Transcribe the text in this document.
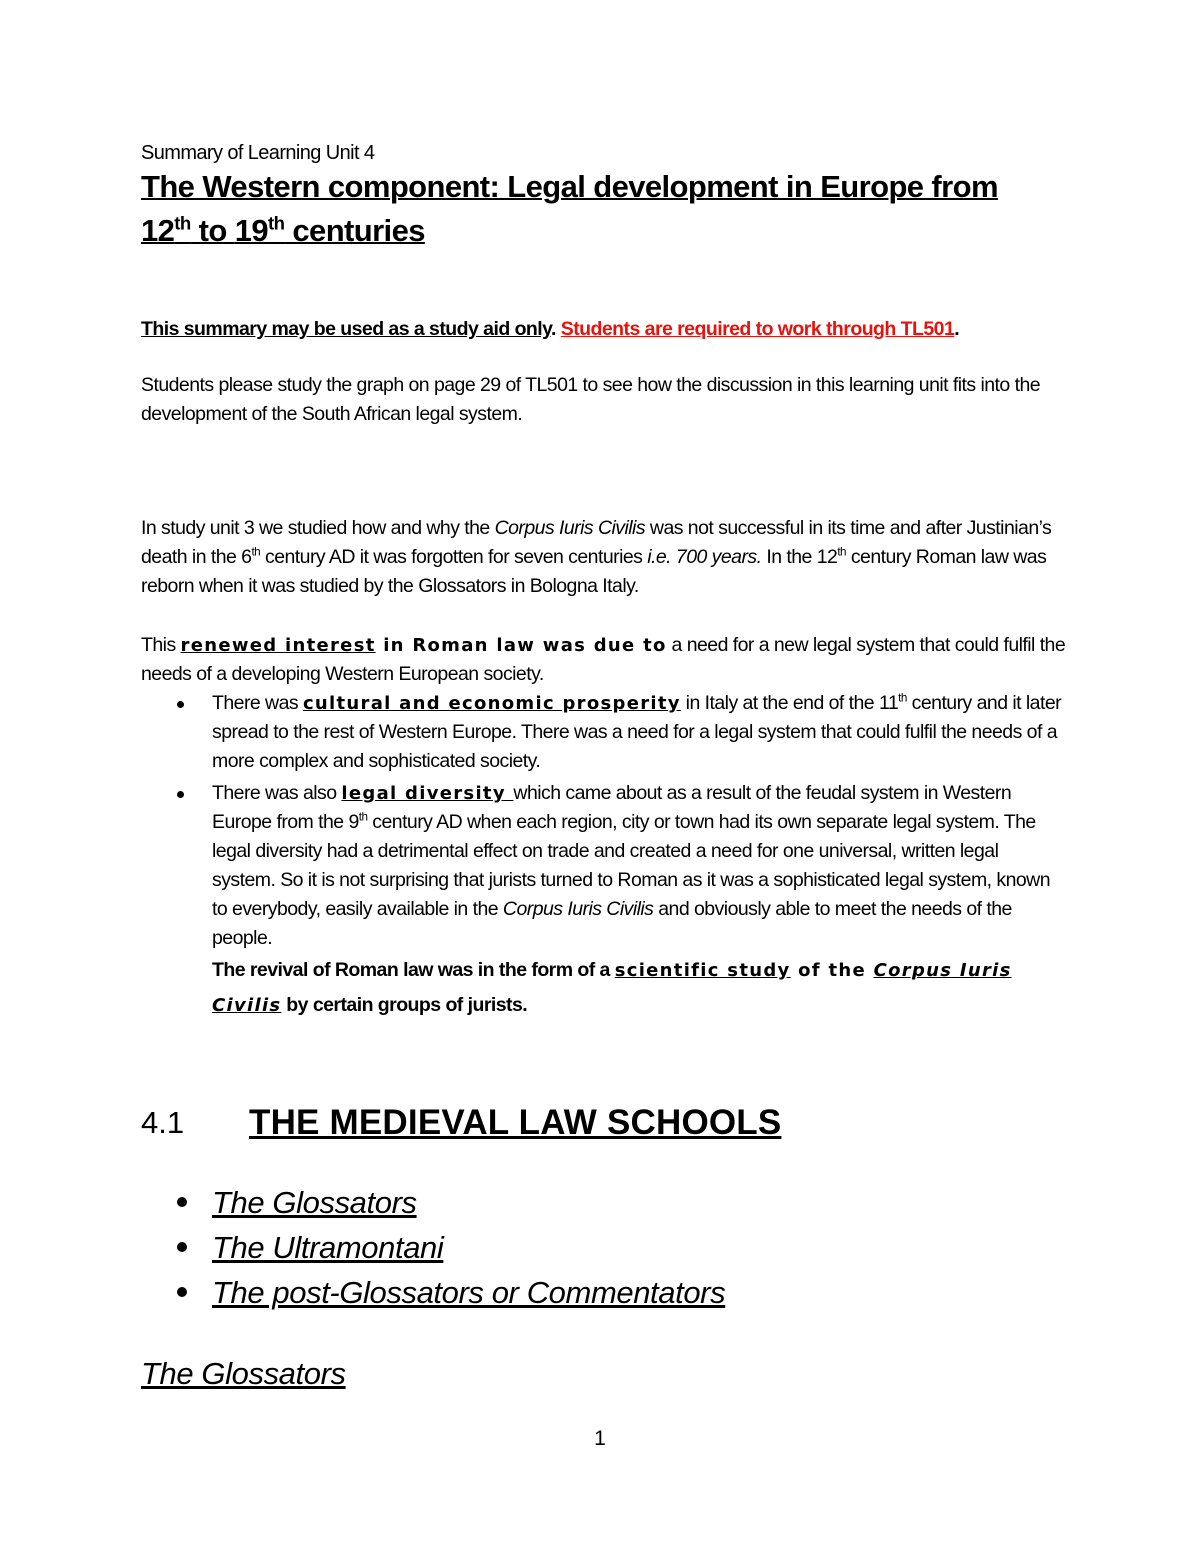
Summary of Learning Unit 4
The Western component: Legal development in Europe from
12th to 19th centuries

This summary may be used as a study aid only. Students are required to work through TL501.

Students please study the graph on page 29 of TL501 to see how the discussion in this learning unit fits into the development of the South African legal system.

In study unit 3 we studied how and why the Corpus Iuris Civilis was not successful in its time and after Justinian’s death in the 6th century AD it was forgotten for seven centuries i.e. 700 years. In the 12th century Roman law was reborn when it was studied by the Glossators in Bologna Italy.

This renewed interest in Roman law was due to a need for a new legal system that could fulfil the needs of a developing Western European society.

There was cultural and economic prosperity in Italy at the end of the 11th century and it later spread to the rest of Western Europe. There was a need for a legal system that could fulfil the needs of a more complex and sophisticated society.
There was also legal diversity which came about as a result of the feudal system in Western Europe from the 9th century AD when each region, city or town had its own separate legal system. The legal diversity had a detrimental effect on trade and created a need for one universal, written legal system. So it is not surprising that jurists turned to Roman as it was a sophisticated legal system, known to everybody, easily available in the Corpus Iuris Civilis and obviously able to meet the needs of the people.
The revival of Roman law was in the form of a scientific study of the Corpus Iuris Civilis by certain groups of jurists.
4.1	THE MEDIEVAL LAW SCHOOLS
The Glossators
The Ultramontani
The post-Glossators or Commentators
The Glossators
1
